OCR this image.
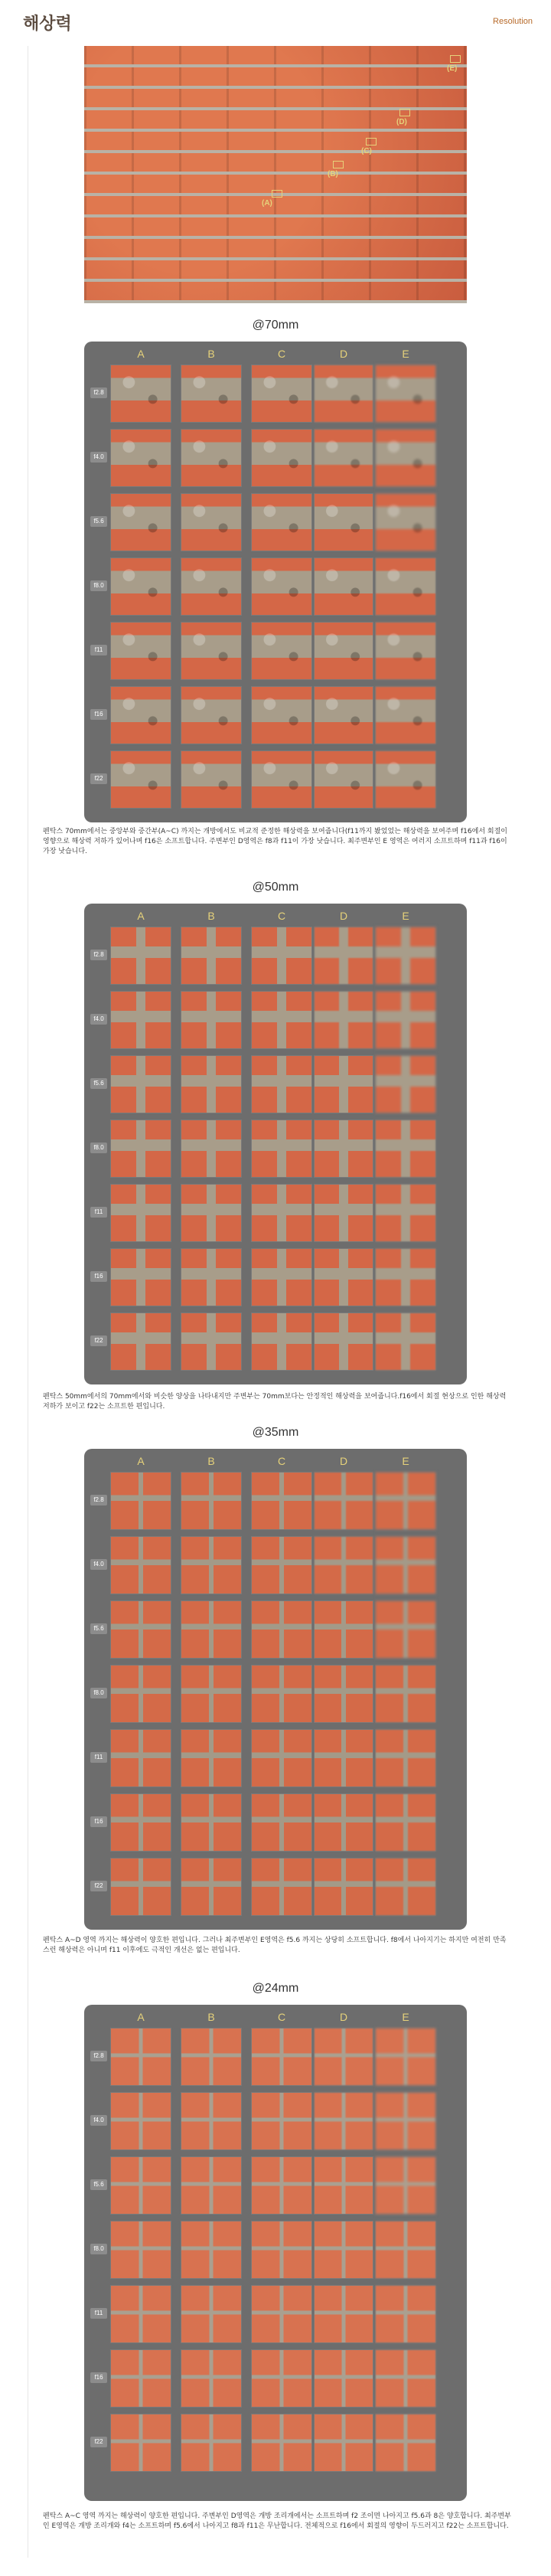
해상력	Resolution
(A)
(B)
(C)
(D)
(E)
@70mm
A	B	C	D	E
f2.8
f4.0
f5.6
f8.0
f11
f16
f22
펜탁스 70mm에서는 중앙부와 중간부(A~C) 까지는 개방에서도 비교적 준정한 해상력을 보여줍니다(f11까지 봤었었는 해상력을 보여주며 f16에서 회절이 영향으로 해상력 저하가 있어나며 f16은 소프트합니다. 주변부인 D영역은 f8과 f11이 가장 낫습니다. 최주변부인 E 영역은 여러지 소프트하며 f11과 f16이 가장 낫습니다.
@50mm
A	B	C	D	E
f2.8
f4.0
f5.6
f8.0
f11
f16
f22
펜탁스 50mm에서의 70mm에서와 비슷한 양상을 나타내지만 주변부는 70mm보다는 안정적인 해상력을 보여줍니다.f16에서 회절 현상으로 인한 해상력 저하가 보이고 f22는 소프트한 편입니다.
@35mm
A	B	C	D	E
f2.8
f4.0
f5.6
f8.0
f11
f16
f22
펜탁스 A~D 영역 까지는 해상력이 양호한 편입니다. 그러나 최주변부인 E영역은 f5.6 까지는 상당히 소프트합니다. f8에서 나아지기는 하지만 여전히 만족스런 해상력은 아니며 f11 이후에도 극적인 개선은 없는 편입니다.
@24mm
A	B	C	D	E
f2.8
f4.0
f5.6
f8.0
f11
f16
f22
펜탁스 A~C 영역 까지는 해상력이 양호한 편입니다. 주변부인 D영역은 개방 조리개에서는 소프트하며 f2 조이면 나아지고 f5.6과 8은 양호합니다. 최주변부인 E영역은 개방 조리개와 f4는 소프트하며 f5.6에서 나아지고 f8과 f11은 무난합니다. 전체적으로 f16에서 회절의 영향이 두드러지고 f22는 소프트합니다.
